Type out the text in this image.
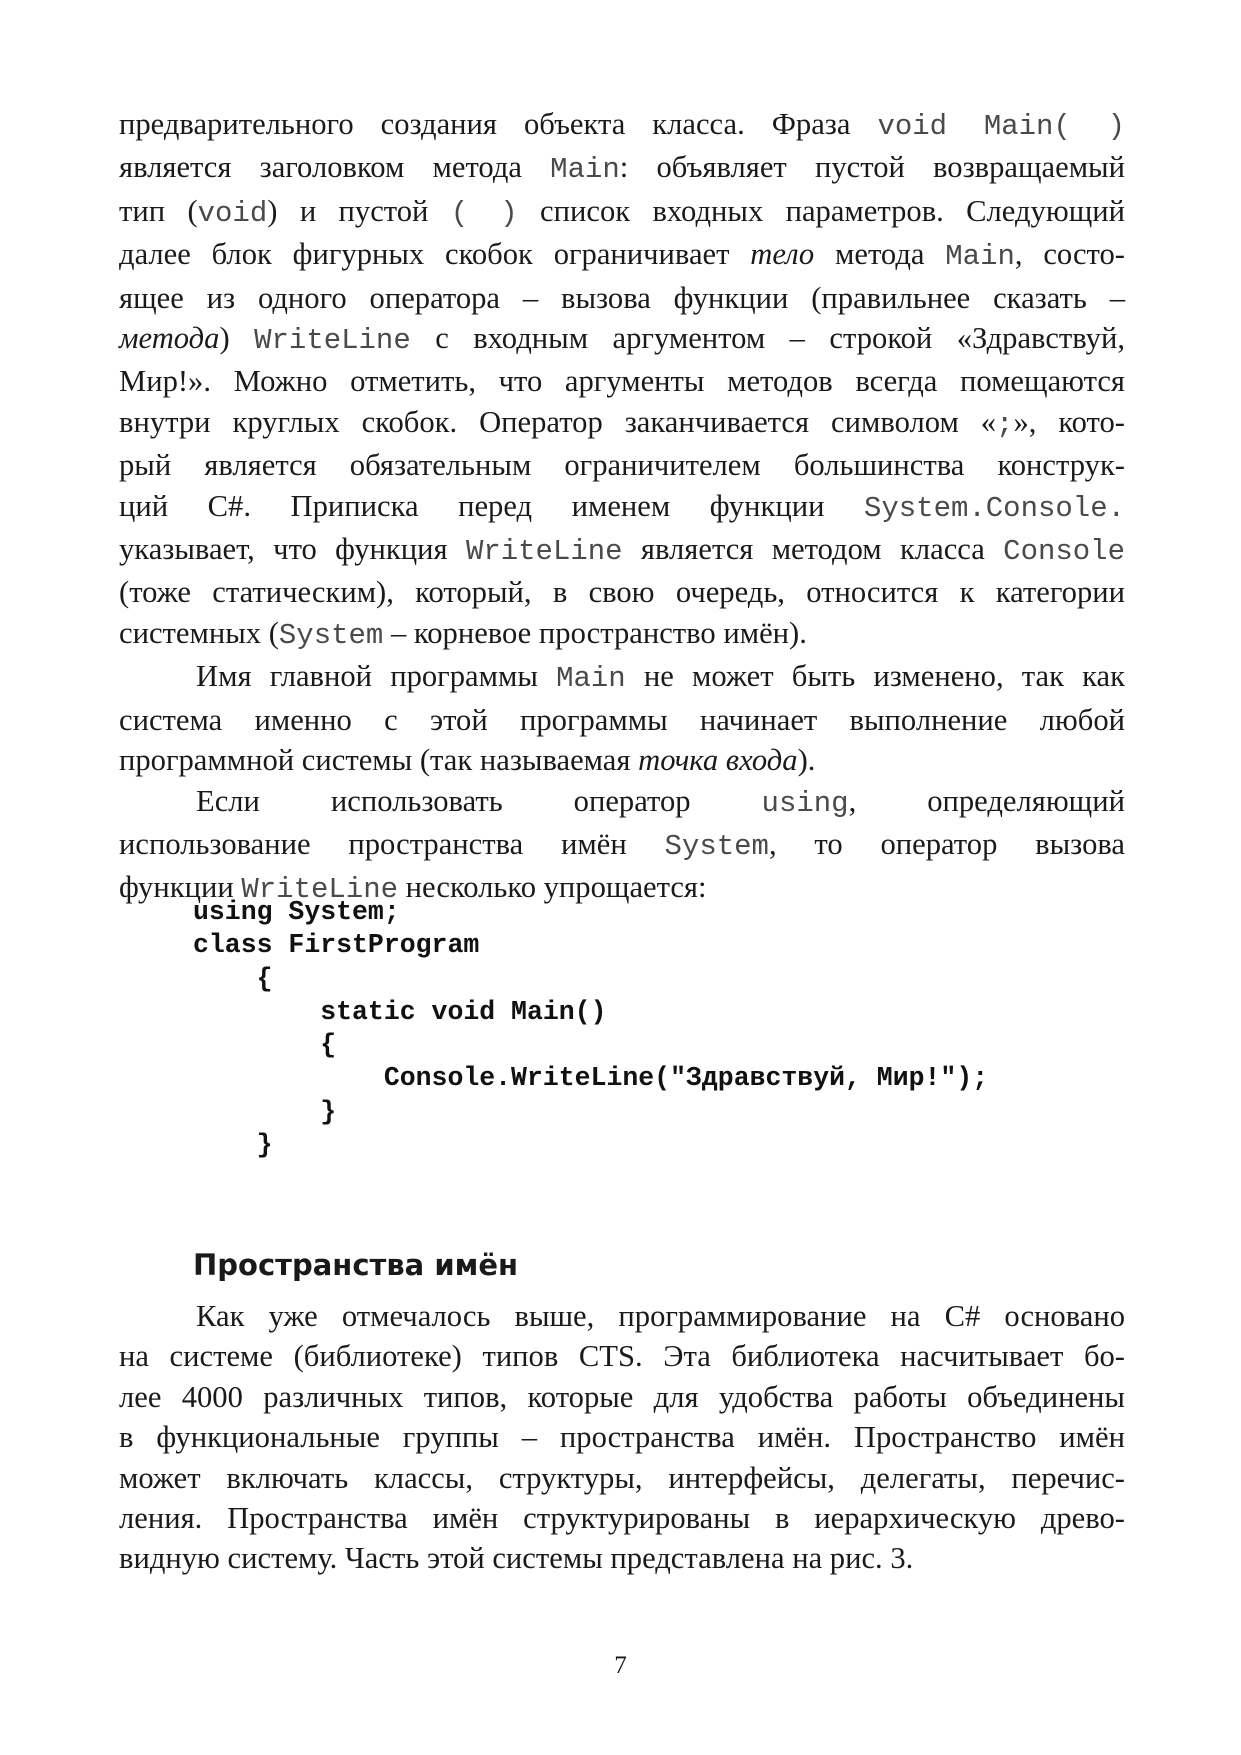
предварительного создания объекта класса. Фраза void Main( )
является заголовком метода Main: объявляет пустой возвращаемый
тип (void) и пустой ( ) список входных параметров. Следующий
далее блок фигурных скобок ограничивает тело метода Main, состо-
ящее из одного оператора – вызова функции (правильнее сказать –
метода) WriteLine с входным аргументом – строкой «Здравствуй,
Мир!». Можно отметить, что аргументы методов всегда помещаются
внутри круглых скобок. Оператор заканчивается символом «;», кото-
рый является обязательным ограничителем большинства конструк-
ций C#. Приписка перед именем функции System.Console.
указывает, что функция WriteLine является методом класса Console
(тоже статическим), который, в свою очередь, относится к категории
системных (System – корневое пространство имён).
Имя главной программы Main не может быть изменено, так как
система именно с этой программы начинает выполнение любой
программной системы (так называемая точка входа).
Если использовать оператор using, определяющий
использование пространства имён System, то оператор вызова
функции WriteLine несколько упрощается:
using System;
class FirstProgram
{
static void Main()
{
Console.WriteLine("Здравствуй, Мир!");
}
}
Пространства имён
Как уже отмечалось выше, программирование на C# основано
на системе (библиотеке) типов CTS. Эта библиотека насчитывает бо-
лее 4000 различных типов, которые для удобства работы объединены
в функциональные группы – пространства имён. Пространство имён
может включать классы, структуры, интерфейсы, делегаты, перечис-
ления. Пространства имён структурированы в иерархическую древо-
видную систему. Часть этой системы представлена на рис. 3.
7
